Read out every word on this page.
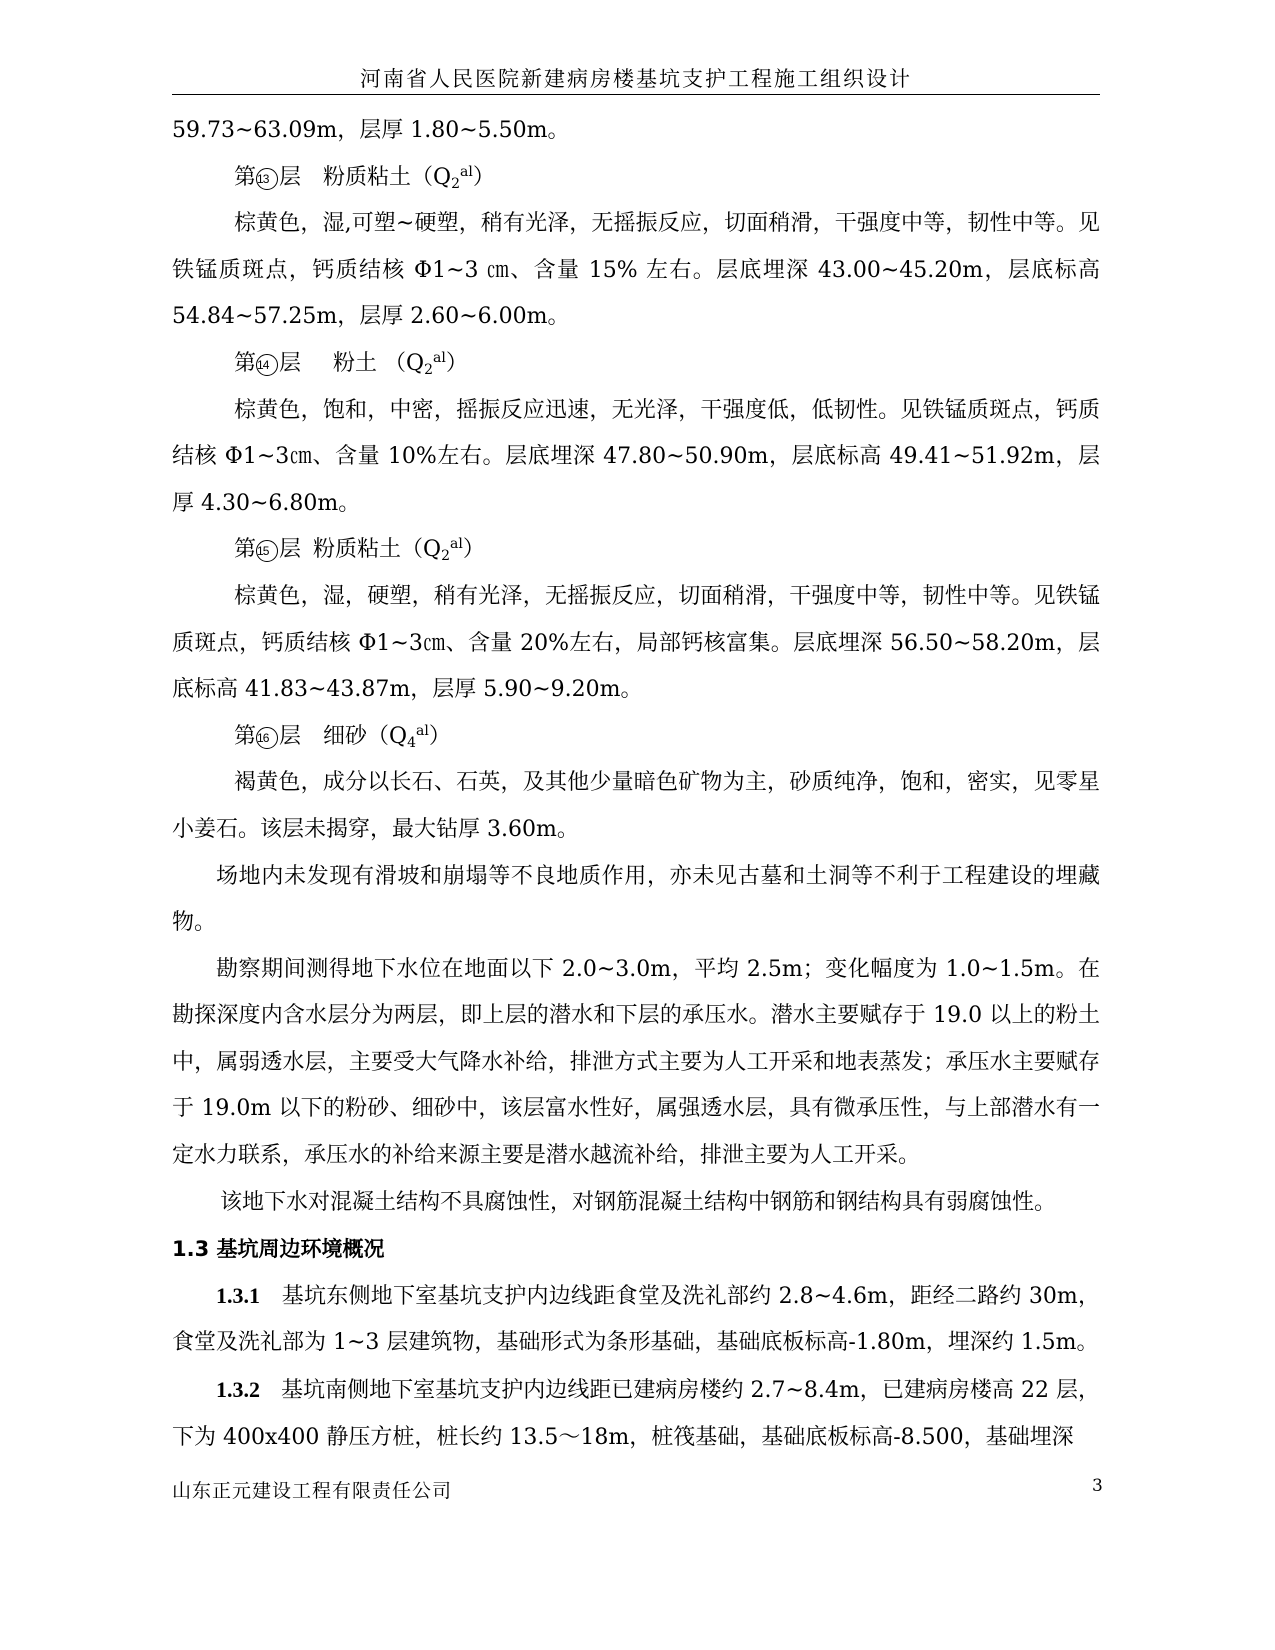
河南省人民医院新建病房楼基坑支护工程施工组织设计

59.73~63.09m，层厚 1.80~5.50m。

第13 层 粉质粘土$(Q_2^{al})$

棕黄色，湿,可塑~硬塑，稍有光泽，无摇振反应，切面稍滑，干强度中等，韧性中等。见铁锰质斑点，钙质结核 Φ1~3 ㎝、含量 15% 左右。层底埋深 43.00~45.20m，层底标高 54.84~57.25m，层厚 2.60~6.00m。

第14 层 粉土 $(Q_2^{al})$

棕黄色，饱和，中密，摇振反应迅速，无光泽，干强度低，低韧性。见铁锰质斑点，钙质结核 Φ1~3㎝、含量 10%左右。层底埋深 47.80~50.90m，层底标高 49.41~51.92m，层厚 4.30~6.80m。

第15 层 粉质粘土$(Q_2^{al})$

棕黄色，湿，硬塑，稍有光泽，无摇振反应，切面稍滑，干强度中等，韧性中等。见铁锰质斑点，钙质结核 Φ1~3㎝、含量 20%左右，局部钙核富集。层底埋深 56.50~58.20m，层底标高 41.83~43.87m，层厚 5.90~9.20m。

第16 层 细砂$(Q_4^{al})$

褐黄色，成分以长石、石英，及其他少量暗色矿物为主，砂质纯净，饱和，密实，见零星小姜石。该层未揭穿，最大钻厚 3.60m。

场地内未发现有滑坡和崩塌等不良地质作用，亦未见古墓和土洞等不利于工程建设的埋藏物。

勘察期间测得地下水位在地面以下 2.0~3.0m，平均 2.5m；变化幅度为 1.0~1.5m。在勘探深度内含水层分为两层，即上层的潜水和下层的承压水。潜水主要赋存于 19.0 以上的粉土中，属弱透水层，主要受大气降水补给，排泄方式主要为人工开采和地表蒸发；承压水主要赋存于 19.0m 以下的粉砂、细砂中，该层富水性好，属强透水层，具有微承压性，与上部潜水有一定水力联系，承压水的补给来源主要是潜水越流补给，排泄主要为人工开采。

该地下水对混凝土结构不具腐蚀性，对钢筋混凝土结构中钢筋和钢结构具有弱腐蚀性。

1.3 基坑周边环境概况

1.3.1 基坑东侧地下室基坑支护内边线距食堂及洗礼部约 2.8~4.6m，距经二路约 30m，食堂及洗礼部为 1~3 层建筑物，基础形式为条形基础，基础底板标高-1.80m，埋深约 1.5m。

1.3.2 基坑南侧地下室基坑支护内边线距已建病房楼约 2.7~8.4m，已建病房楼高 22 层，下为 400x400 静压方桩，桩长约 13.5～18m，桩筏基础，基础底板标高-8.500，基础埋深

山东正元建设工程有限责任公司	3
